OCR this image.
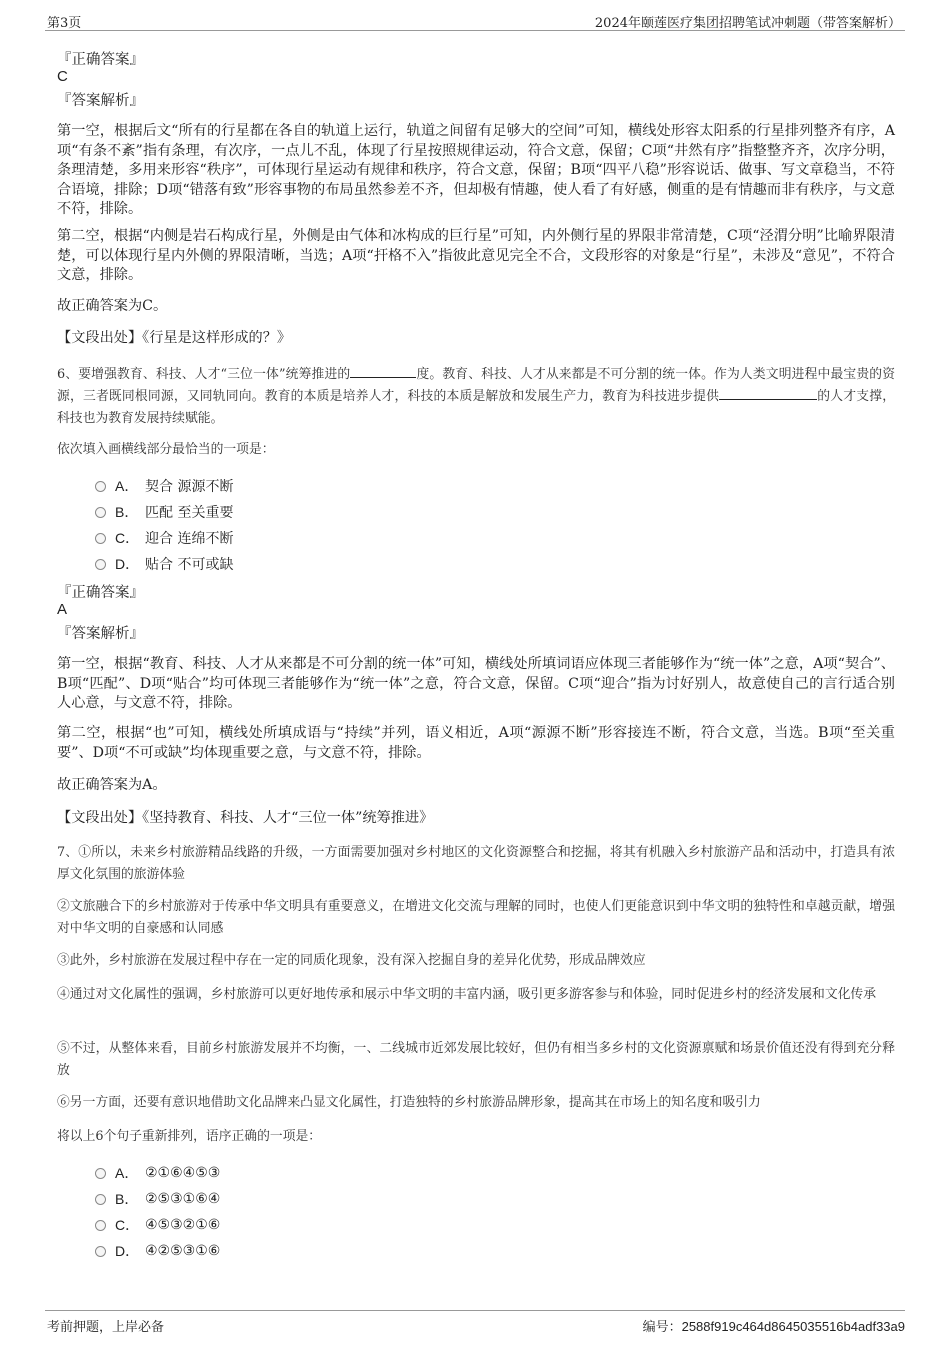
第3页	2024年颐莲医疗集团招聘笔试冲刺题（带答案解析）
『正确答案』
C
『答案解析』
第一空，根据后文“所有的行星都在各自的轨道上运行，轨道之间留有足够大的空间”可知，横线处形容太阳系的行星排列整齐有序，A项“有条不紊”指有条理，有次序，一点儿不乱，体现了行星按照规律运动，符合文意，保留；C项“井然有序”指整整齐齐，次序分明，条理清楚，多用来形容“秩序”，可体现行星运动有规律和秩序，符合文意，保留；B项“四平八稳”形容说话、做事、写文章稳当，不符合语境，排除；D项“错落有致”形容事物的布局虽然参差不齐，但却极有情趣，使人看了有好感，侧重的是有情趣而非有秩序，与文意不符，排除。
第二空，根据“内侧是岩石构成行星，外侧是由气体和冰构成的巨行星”可知，内外侧行星的界限非常清楚，C项“泾渭分明”比喻界限清楚，可以体现行星内外侧的界限清晰，当选；A项“扞格不入”指彼此意见完全不合，文段形容的对象是“行星”，未涉及“意见”，不符合文意，排除。
故正确答案为C。
【文段出处】《行星是这样形成的？》
6、要增强教育、科技、人才“三位一体”统筹推进的	度。教育、科技、人才从来都是不可分割的统一体。作为人类文明进程中最宝贵的资源，三者既同根同源，又同轨同向。教育的本质是培养人才，科技的本质是解放和发展生产力，教育为科技进步提供	的人才支撑，科技也为教育发展持续赋能。
依次填入画横线部分最恰当的一项是：
A． 契合 源源不断
B． 匹配 至关重要
C． 迎合 连绵不断
D． 贴合 不可或缺
『正确答案』
A
『答案解析』
第一空，根据“教育、科技、人才从来都是不可分割的统一体”可知，横线处所填词语应体现三者能够作为“统一体”之意，A项“契合”、B项“匹配”、D项“贴合”均可体现三者能够作为“统一体”之意，符合文意，保留。C项“迎合”指为讨好别人，故意使自己的言行适合别人心意，与文意不符，排除。
第二空，根据“也”可知，横线处所填成语与“持续”并列，语义相近，A项“源源不断”形容接连不断，符合文意，当选。B项“至关重要”、D项“不可或缺”均体现重要之意，与文意不符，排除。
故正确答案为A。
【文段出处】《坚持教育、科技、人才“三位一体”统筹推进》
7、①所以，未来乡村旅游精品线路的升级，一方面需要加强对乡村地区的文化资源整合和挖掘，将其有机融入乡村旅游产品和活动中，打造具有浓厚文化氛围的旅游体验
②文旅融合下的乡村旅游对于传承中华文明具有重要意义，在增进文化交流与理解的同时，也使人们更能意识到中华文明的独特性和卓越贡献，增强对中华文明的自豪感和认同感
③此外，乡村旅游在发展过程中存在一定的同质化现象，没有深入挖掘自身的差异化优势，形成品牌效应
④通过对文化属性的强调，乡村旅游可以更好地传承和展示中华文明的丰富内涵，吸引更多游客参与和体验，同时促进乡村的经济发展和文化传承
⑤不过，从整体来看，目前乡村旅游发展并不均衡，一、二线城市近郊发展比较好，但仍有相当多乡村的文化资源禀赋和场景价值还没有得到充分释放
⑥另一方面，还要有意识地借助文化品牌来凸显文化属性，打造独特的乡村旅游品牌形象，提高其在市场上的知名度和吸引力
将以上6个句子重新排列，语序正确的一项是：
A． ②①⑥④⑤③
B． ②⑤③①⑥④
C． ④⑤③②①⑥
D． ④②⑤③①⑥
考前押题，上岸必备	编号：2588f919c464d8645035516b4adf33a9
